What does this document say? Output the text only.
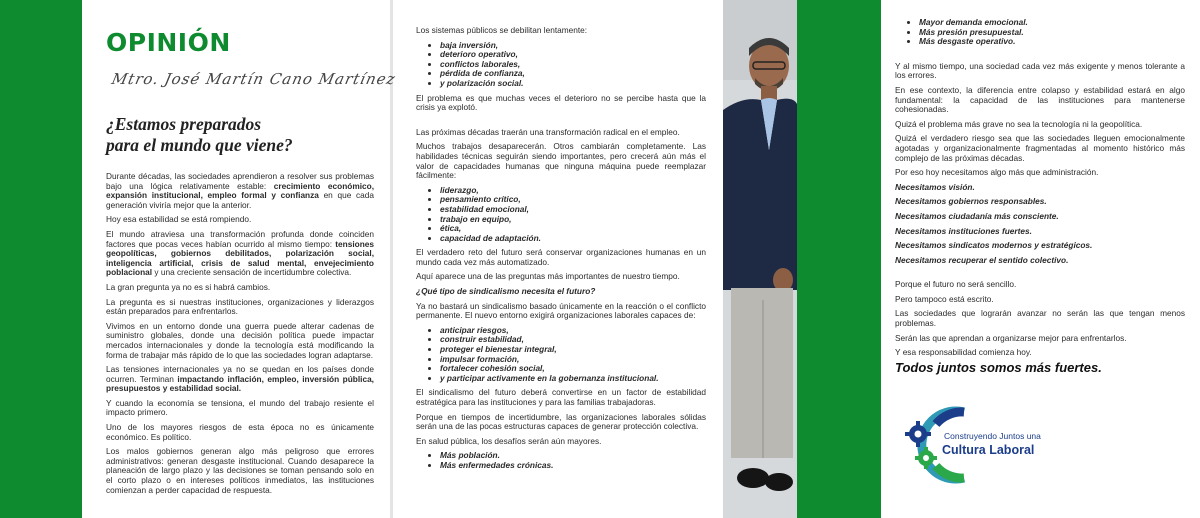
OPINIÓN
Mtro. José Martín Cano Martínez
¿Estamos preparados
para el mundo que viene?

Durante décadas, las sociedades aprendieron a resolver sus problemas bajo una lógica relativamente estable: crecimiento económico, expansión institucional, empleo formal y confianza en que cada generación viviría mejor que la anterior.

Hoy esa estabilidad se está rompiendo.

El mundo atraviesa una transformación profunda donde coinciden factores que pocas veces habían ocurrido al mismo tiempo: tensiones geopolíticas, gobiernos debilitados, polarización social, inteligencia artificial, crisis de salud mental, envejecimiento poblacional y una creciente sensación de incertidumbre colectiva.

La gran pregunta ya no es si habrá cambios.

La pregunta es si nuestras instituciones, organizaciones y liderazgos están preparados para enfrentarlos.

Vivimos en un entorno donde una guerra puede alterar cadenas de suministro globales, donde una decisión política puede impactar mercados internacionales y donde la tecnología está modificando la forma de trabajar más rápido de lo que las sociedades logran adaptarse.

Las tensiones internacionales ya no se quedan en los países donde ocurren. Terminan impactando inflación, empleo, inversión pública, presupuestos y estabilidad social.

Y cuando la economía se tensiona, el mundo del trabajo resiente el impacto primero.

Uno de los mayores riesgos de esta época no es únicamente económico. Es político.

Los malos gobiernos generan algo más peligroso que errores administrativos: generan desgaste institucional. Cuando desaparece la planeación de largo plazo y las decisiones se toman pensando solo en el corto plazo o en intereses políticos inmediatos, las instituciones comienzan a perder capacidad de respuesta.

Los sistemas públicos se debilitan lentamente:

• baja inversión,
• deterioro operativo,
• conflictos laborales,
• pérdida de confianza,
• y polarización social.

El problema es que muchas veces el deterioro no se percibe hasta que la crisis ya explotó.

Las próximas décadas traerán una transformación radical en el empleo.

Muchos trabajos desaparecerán. Otros cambiarán completamente. Las habilidades técnicas seguirán siendo importantes, pero crecerá aún más el valor de capacidades humanas que ninguna máquina puede reemplazar fácilmente:

• liderazgo,
• pensamiento crítico,
• estabilidad emocional,
• trabajo en equipo,
• ética,
• capacidad de adaptación.

El verdadero reto del futuro será conservar organizaciones humanas en un mundo cada vez más automatizado.

Aquí aparece una de las preguntas más importantes de nuestro tiempo.

¿Qué tipo de sindicalismo necesita el futuro?

Ya no bastará un sindicalismo basado únicamente en la reacción o el conflicto permanente. El nuevo entorno exigirá organizaciones laborales capaces de:

• anticipar riesgos,
• construir estabilidad,
• proteger el bienestar integral,
• impulsar formación,
• fortalecer cohesión social,
• y participar activamente en la gobernanza institucional.

El sindicalismo del futuro deberá convertirse en un factor de estabilidad estratégica para las instituciones y para las familias trabajadoras.

Porque en tiempos de incertidumbre, las organizaciones laborales sólidas serán una de las pocas estructuras capaces de generar protección colectiva.

En salud pública, los desafíos serán aún mayores.

• Más población.
• Más enfermedades crónicas.
• Mayor demanda emocional.
• Más presión presupuestal.
• Más desgaste operativo.

Y al mismo tiempo, una sociedad cada vez más exigente y menos tolerante a los errores.

En ese contexto, la diferencia entre colapso y estabilidad estará en algo fundamental: la capacidad de las instituciones para mantenerse cohesionadas.

Quizá el problema más grave no sea la tecnología ni la geopolítica.

Quizá el verdadero riesgo sea que las sociedades lleguen emocionalmente agotadas y organizacionalmente fragmentadas al momento histórico más complejo de las próximas décadas.

Por eso hoy necesitamos algo más que administración.

Necesitamos visión.

Necesitamos gobiernos responsables.

Necesitamos ciudadanía más consciente.

Necesitamos instituciones fuertes.

Necesitamos sindicatos modernos y estratégicos.

Necesitamos recuperar el sentido colectivo.

Porque el futuro no será sencillo.

Pero tampoco está escrito.

Las sociedades que lograrán avanzar no serán las que tengan menos problemas.

Serán las que aprendan a organizarse mejor para enfrentarlos.

Y esa responsabilidad comienza hoy.

Todos juntos somos más fuertes.

Construyendo Juntos una
Cultura Laboral
